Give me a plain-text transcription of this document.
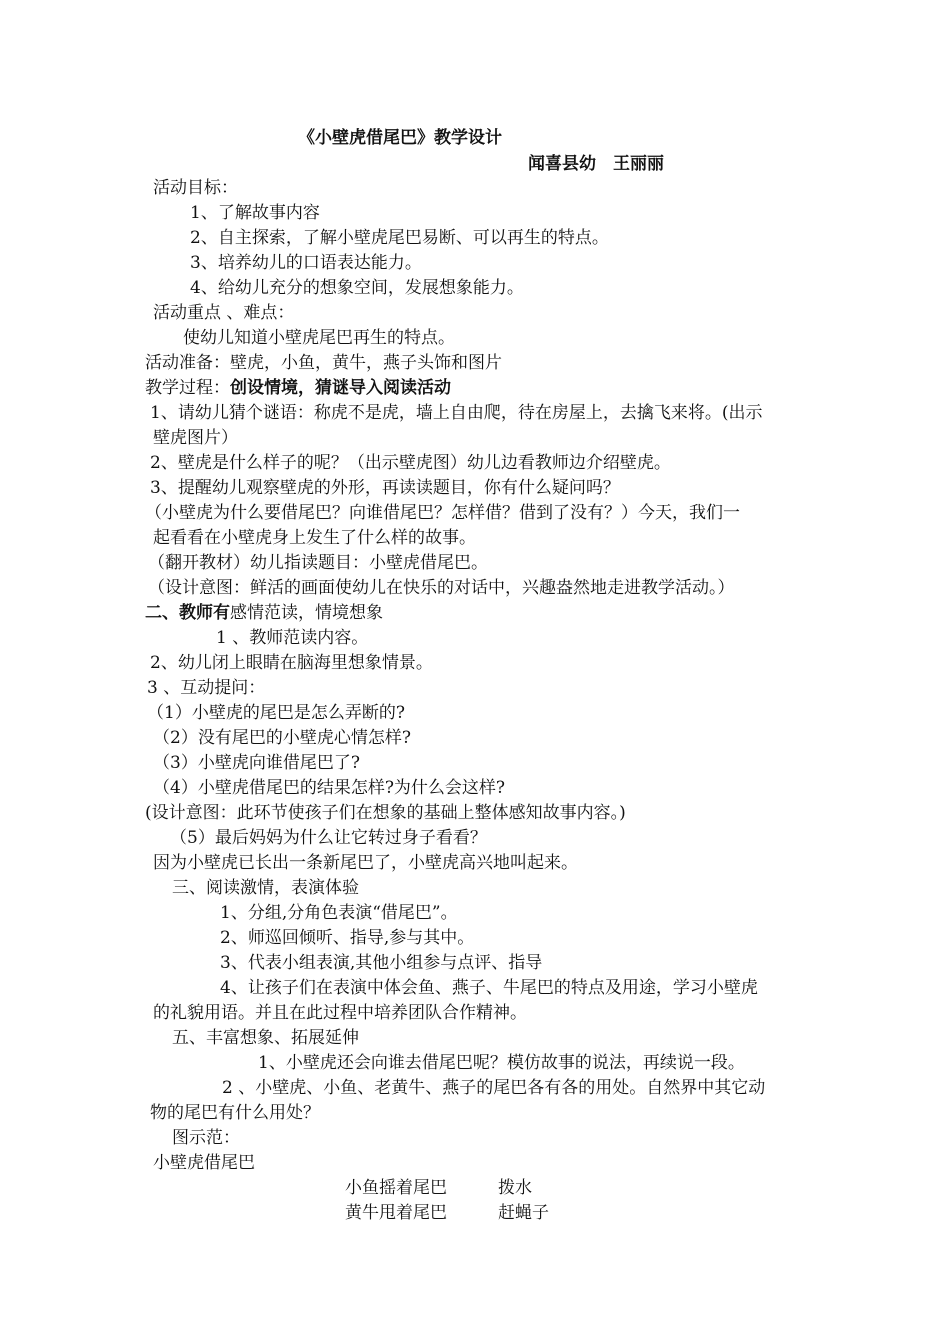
《小壁虎借尾巴》教学设计
闻喜县幼　王丽丽
活动目标：
1、了解故事内容
2、自主探索，了解小壁虎尾巴易断、可以再生的特点。
3、培养幼儿的口语表达能力。
4、给幼儿充分的想象空间，发展想象能力。
活动重点 、难点：
使幼儿知道小壁虎尾巴再生的特点。
活动准备：壁虎，小鱼，黄牛，燕子头饰和图片
教学过程：创设情境，猜谜导入阅读活动
1、请幼儿猜个谜语：称虎不是虎，墙上自由爬，待在房屋上，去擒飞来将。(出示
壁虎图片）
2、壁虎是什么样子的呢？（出示壁虎图）幼儿边看教师边介绍壁虎。
3、提醒幼儿观察壁虎的外形，再读读题目，你有什么疑问吗？
（小壁虎为什么要借尾巴？向谁借尾巴？怎样借？借到了没有？）今天，我们一
起看看在小壁虎身上发生了什么样的故事。
（翻开教材）幼儿指读题目：小壁虎借尾巴。
（设计意图：鲜活的画面使幼儿在快乐的对话中，兴趣盎然地走进教学活动。）
二、教师有感情范读，情境想象
1 、教师范读内容。
2、幼儿闭上眼睛在脑海里想象情景。
3 、互动提问：
（1）小壁虎的尾巴是怎么弄断的?
（2）没有尾巴的小壁虎心情怎样?
（3）小壁虎向谁借尾巴了?
（4）小壁虎借尾巴的结果怎样?为什么会这样?
(设计意图：此环节使孩子们在想象的基础上整体感知故事内容。)
（5）最后妈妈为什么让它转过身子看看？
因为小壁虎已长出一条新尾巴了，小壁虎高兴地叫起来。
三、阅读激情，表演体验
1、分组,分角色表演“借尾巴”。
2、师巡回倾听、指导,参与其中。
3、代表小组表演,其他小组参与点评、指导
4、让孩子们在表演中体会鱼、燕子、牛尾巴的特点及用途，学习小壁虎
的礼貌用语。并且在此过程中培养团队合作精神。
五、丰富想象、拓展延伸
1、小壁虎还会向谁去借尾巴呢？模仿故事的说法，再续说一段。
2 、小壁虎、小鱼、老黄牛、燕子的尾巴各有各的用处。自然界中其它动
物的尾巴有什么用处？
图示范：
小壁虎借尾巴
小鱼摇着尾巴	拨水
黄牛甩着尾巴	赶蝇子
